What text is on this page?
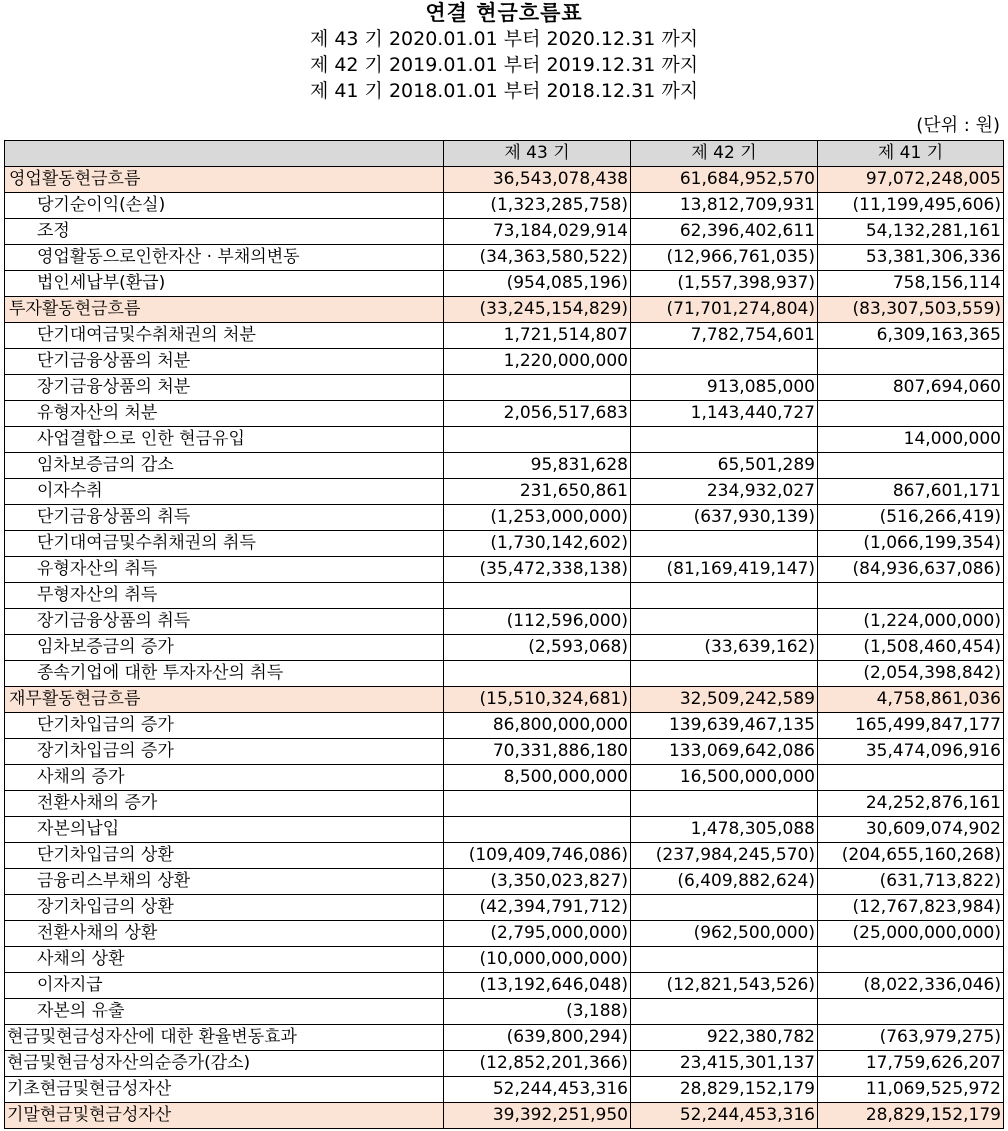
연결 현금흐름표
제 43 기 2020.01.01 부터 2020.12.31 까지
제 42 기 2019.01.01 부터 2019.12.31 까지
제 41 기 2018.01.01 부터 2018.12.31 까지
(단위 : 원)
	제 43 기	제 42 기	제 41 기
영업활동현금흐름	36,543,078,438	61,684,952,570	97,072,248,005
당기순이익(손실)	(1,323,285,758)	13,812,709,931	(11,199,495,606)
조정	73,184,029,914	62,396,402,611	54,132,281,161
영업활동으로인한자산 · 부채의변동	(34,363,580,522)	(12,966,761,035)	53,381,306,336
법인세납부(환급)	(954,085,196)	(1,557,398,937)	758,156,114
투자활동현금흐름	(33,245,154,829)	(71,701,274,804)	(83,307,503,559)
단기대여금및수취채권의 처분	1,721,514,807	7,782,754,601	6,309,163,365
단기금융상품의 처분	1,220,000,000		
장기금융상품의 처분		913,085,000	807,694,060
유형자산의 처분	2,056,517,683	1,143,440,727	
사업결합으로 인한 현금유입			14,000,000
임차보증금의 감소	95,831,628	65,501,289	
이자수취	231,650,861	234,932,027	867,601,171
단기금융상품의 취득	(1,253,000,000)	(637,930,139)	(516,266,419)
단기대여금및수취채권의 취득	(1,730,142,602)		(1,066,199,354)
유형자산의 취득	(35,472,338,138)	(81,169,419,147)	(84,936,637,086)
무형자산의 취득			
장기금융상품의 취득	(112,596,000)		(1,224,000,000)
임차보증금의 증가	(2,593,068)	(33,639,162)	(1,508,460,454)
종속기업에 대한 투자자산의 취득			(2,054,398,842)
재무활동현금흐름	(15,510,324,681)	32,509,242,589	4,758,861,036
단기차입금의 증가	86,800,000,000	139,639,467,135	165,499,847,177
장기차입금의 증가	70,331,886,180	133,069,642,086	35,474,096,916
사채의 증가	8,500,000,000	16,500,000,000	
전환사채의 증가			24,252,876,161
자본의납입		1,478,305,088	30,609,074,902
단기차입금의 상환	(109,409,746,086)	(237,984,245,570)	(204,655,160,268)
금융리스부채의 상환	(3,350,023,827)	(6,409,882,624)	(631,713,822)
장기차입금의 상환	(42,394,791,712)		(12,767,823,984)
전환사채의 상환	(2,795,000,000)	(962,500,000)	(25,000,000,000)
사채의 상환	(10,000,000,000)		
이자지급	(13,192,646,048)	(12,821,543,526)	(8,022,336,046)
자본의 유출	(3,188)		
현금및현금성자산에 대한 환율변동효과	(639,800,294)	922,380,782	(763,979,275)
현금및현금성자산의순증가(감소)	(12,852,201,366)	23,415,301,137	17,759,626,207
기초현금및현금성자산	52,244,453,316	28,829,152,179	11,069,525,972
기말현금및현금성자산	39,392,251,950	52,244,453,316	28,829,152,179
